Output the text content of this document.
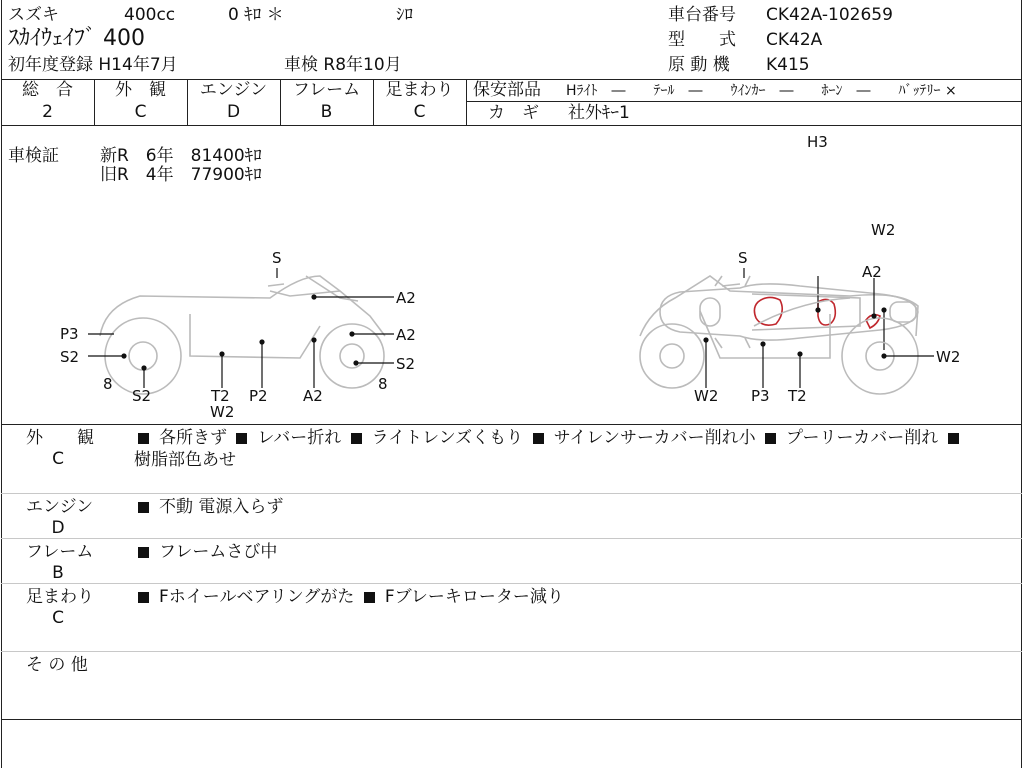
スズキ	400cc	0 ｷﾛ ＊	ｼﾛ
ｽｶｲｳｪｲﾌﾞ 400
初年度登録 H14年7月	車検 R8年10月
車台番号 CK42A-102659
型　　式 CK42A
原 動 機 K415
総　合
2
外　観
C
エンジン
D
フレーム
B
足まわり
C
保安部品 Hﾗｲﾄ　―　　ﾃｰﾙ　―　　ｳｲﾝｶｰ　―　　ﾎｰﾝ　―　　ﾊﾞｯﾃﾘｰ ×
カ　ギ 社外ｷｰ1
車検証 新R　6年　81400ｷﾛ
旧R　4年　77900ｷﾛ
H3
W2
S
A2
A2
S2
P3
S2
8
S2	T2
W2
P2 A2
8
S
A2
W2
W2 P3 T2
外　　観
C
各所きず レバー折れ ライトレンズくもり サイレンサーカバー削れ小 プーリーカバー削れ
樹脂部色あせ
エンジン
D
不動 電源入らず
フレーム
B
フレームさび中
足まわり
C
Fホイールベアリングがた Fブレーキローター減り
そ の 他
